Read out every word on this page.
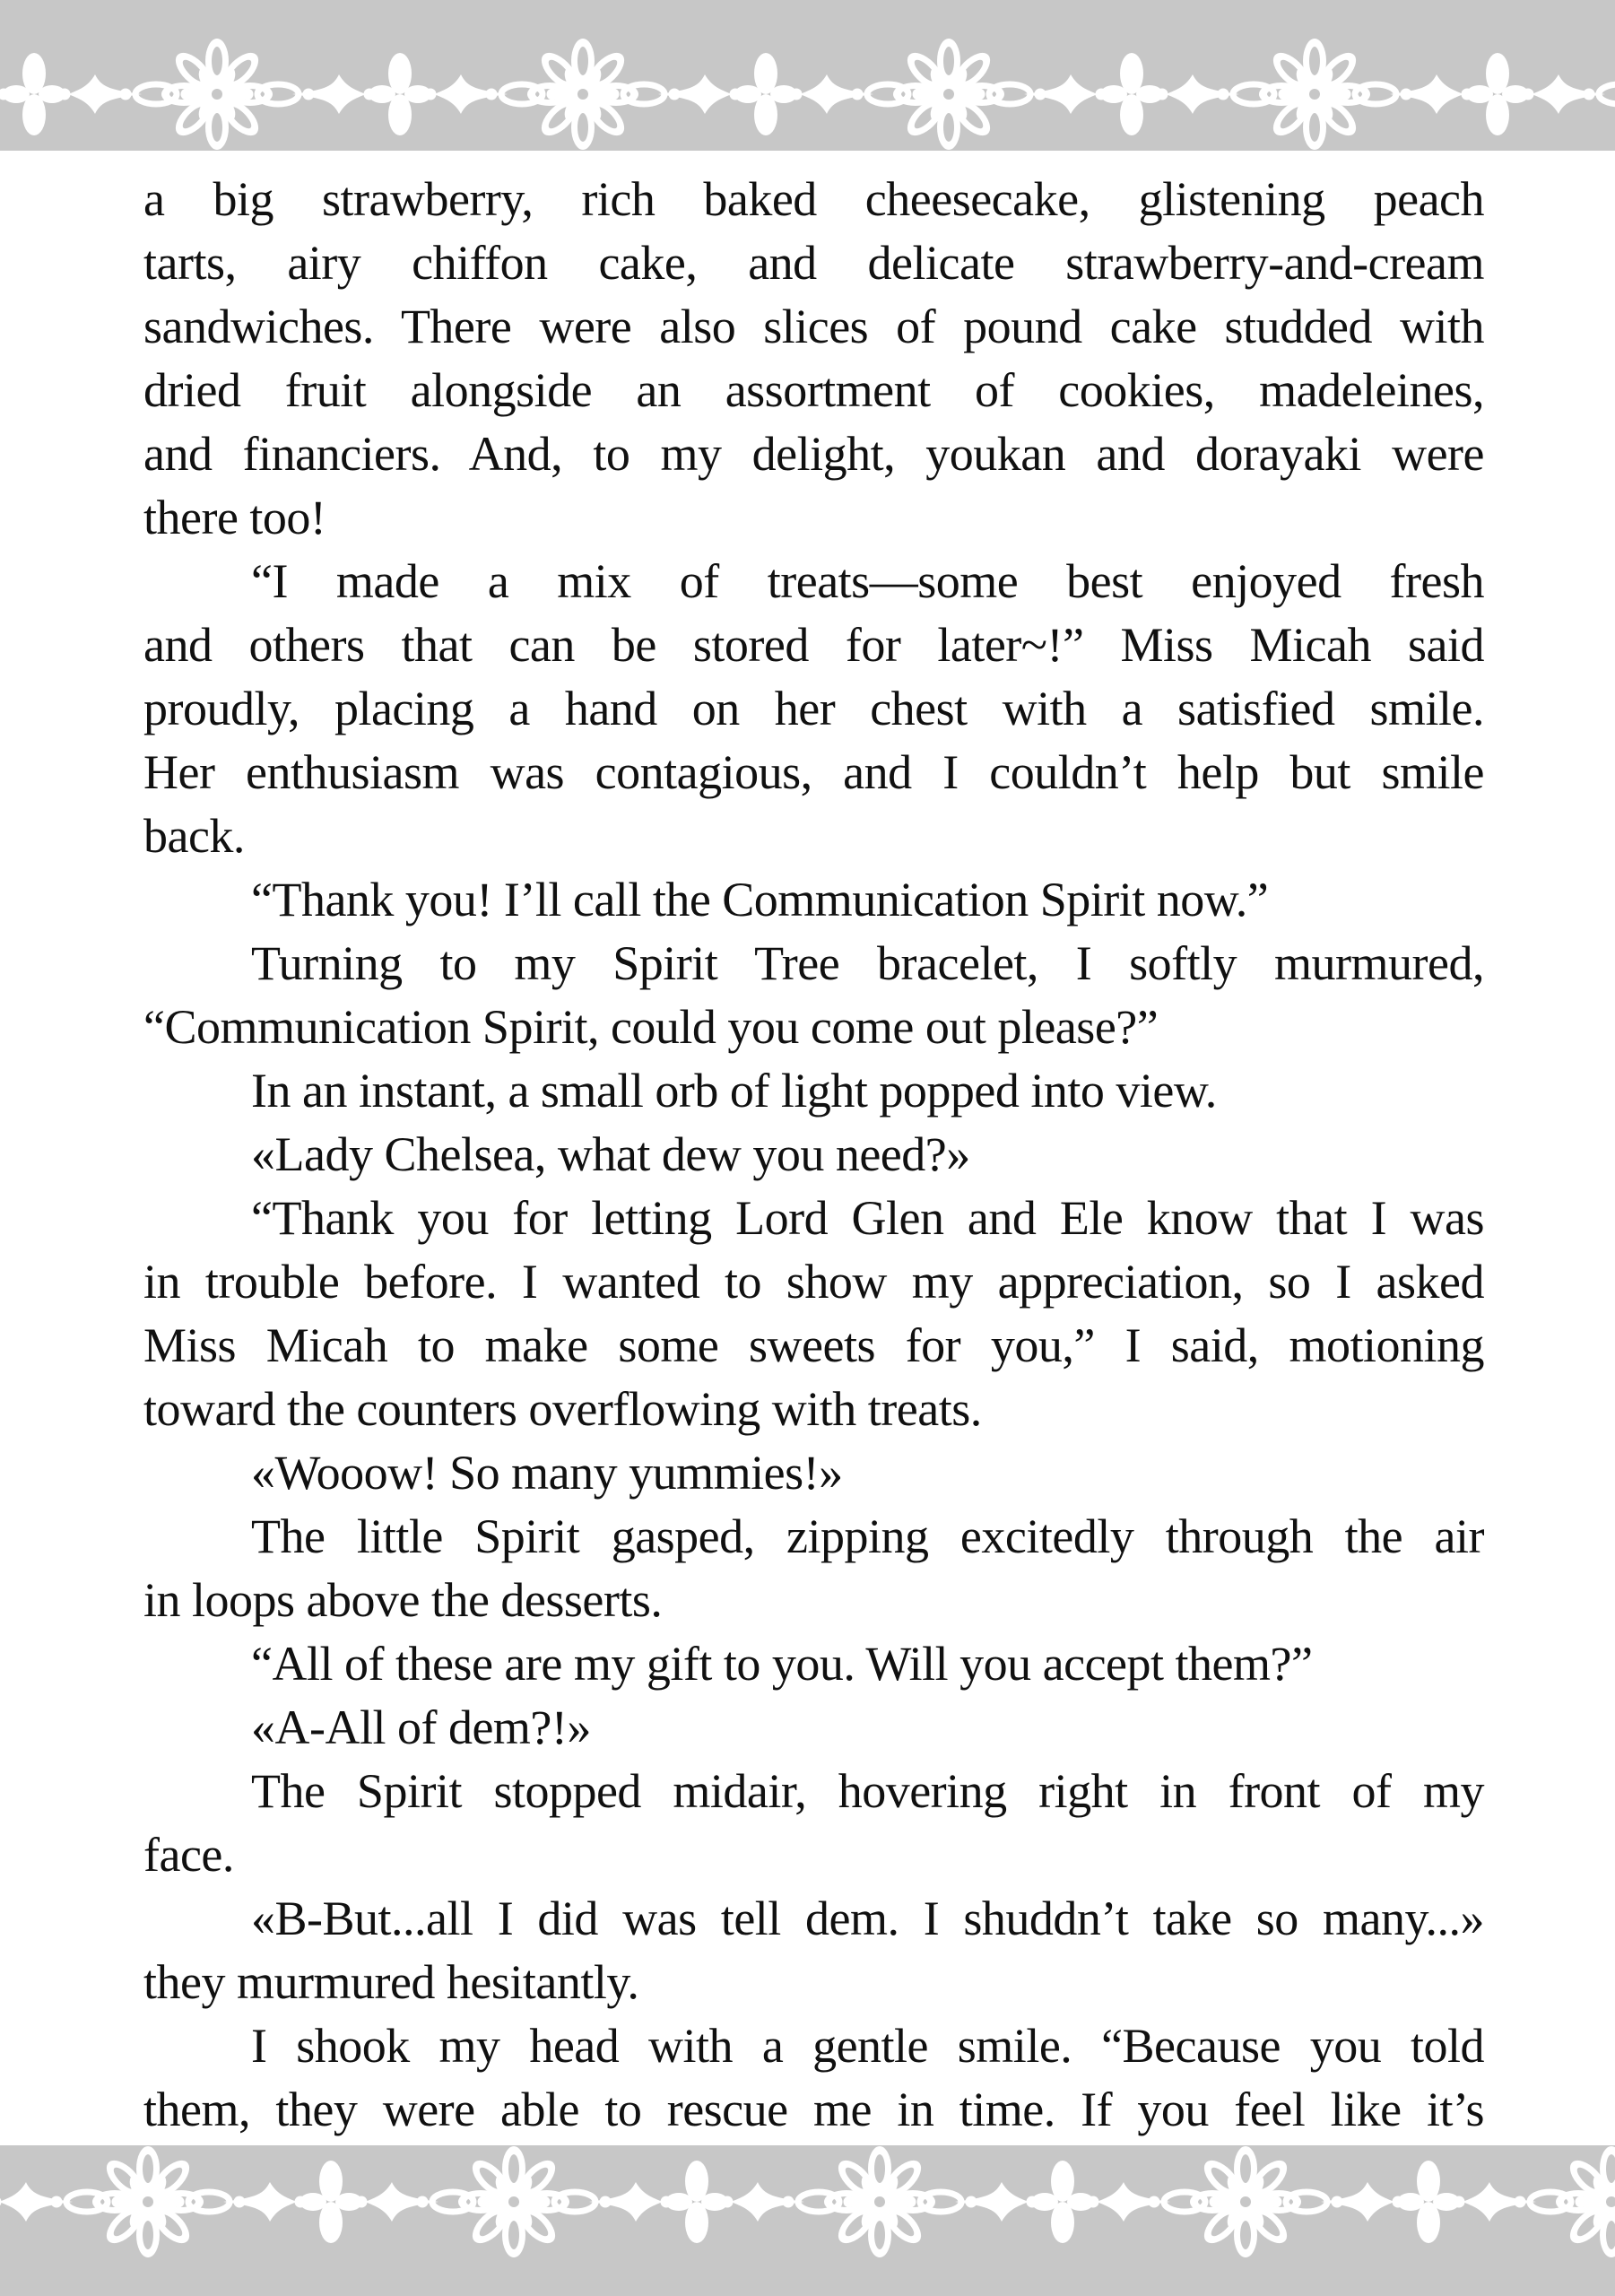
a big strawberry, rich baked cheesecake, glistening peach
tarts, airy chiffon cake, and delicate strawberry-and-cream
sandwiches. There were also slices of pound cake studded with
dried fruit alongside an assortment of cookies, madeleines,
and financiers. And, to my delight, youkan and dorayaki were
there too!
“I made a mix of treats—some best enjoyed fresh
and others that can be stored for later~!” Miss Micah said
proudly, placing a hand on her chest with a satisfied smile.
Her enthusiasm was contagious, and I couldn’t help but smile
back.
“Thank you! I’ll call the Communication Spirit now.”
Turning to my Spirit Tree bracelet, I softly murmured,
“Communication Spirit, could you come out please?”
In an instant, a small orb of light popped into view.
«Lady Chelsea, what dew you need?»
“Thank you for letting Lord Glen and Ele know that I was
in trouble before. I wanted to show my appreciation, so I asked
Miss Micah to make some sweets for you,” I said, motioning
toward the counters overflowing with treats.
«Wooow! So many yummies!»
The little Spirit gasped, zipping excitedly through the air
in loops above the desserts.
“All of these are my gift to you. Will you accept them?”
«A-All of dem?!»
The Spirit stopped midair, hovering right in front of my
face.
«B-But...all I did was tell dem. I shuddn’t take so many...»
they murmured hesitantly.
I shook my head with a gentle smile. “Because you told
them, they were able to rescue me in time. If you feel like it’s
